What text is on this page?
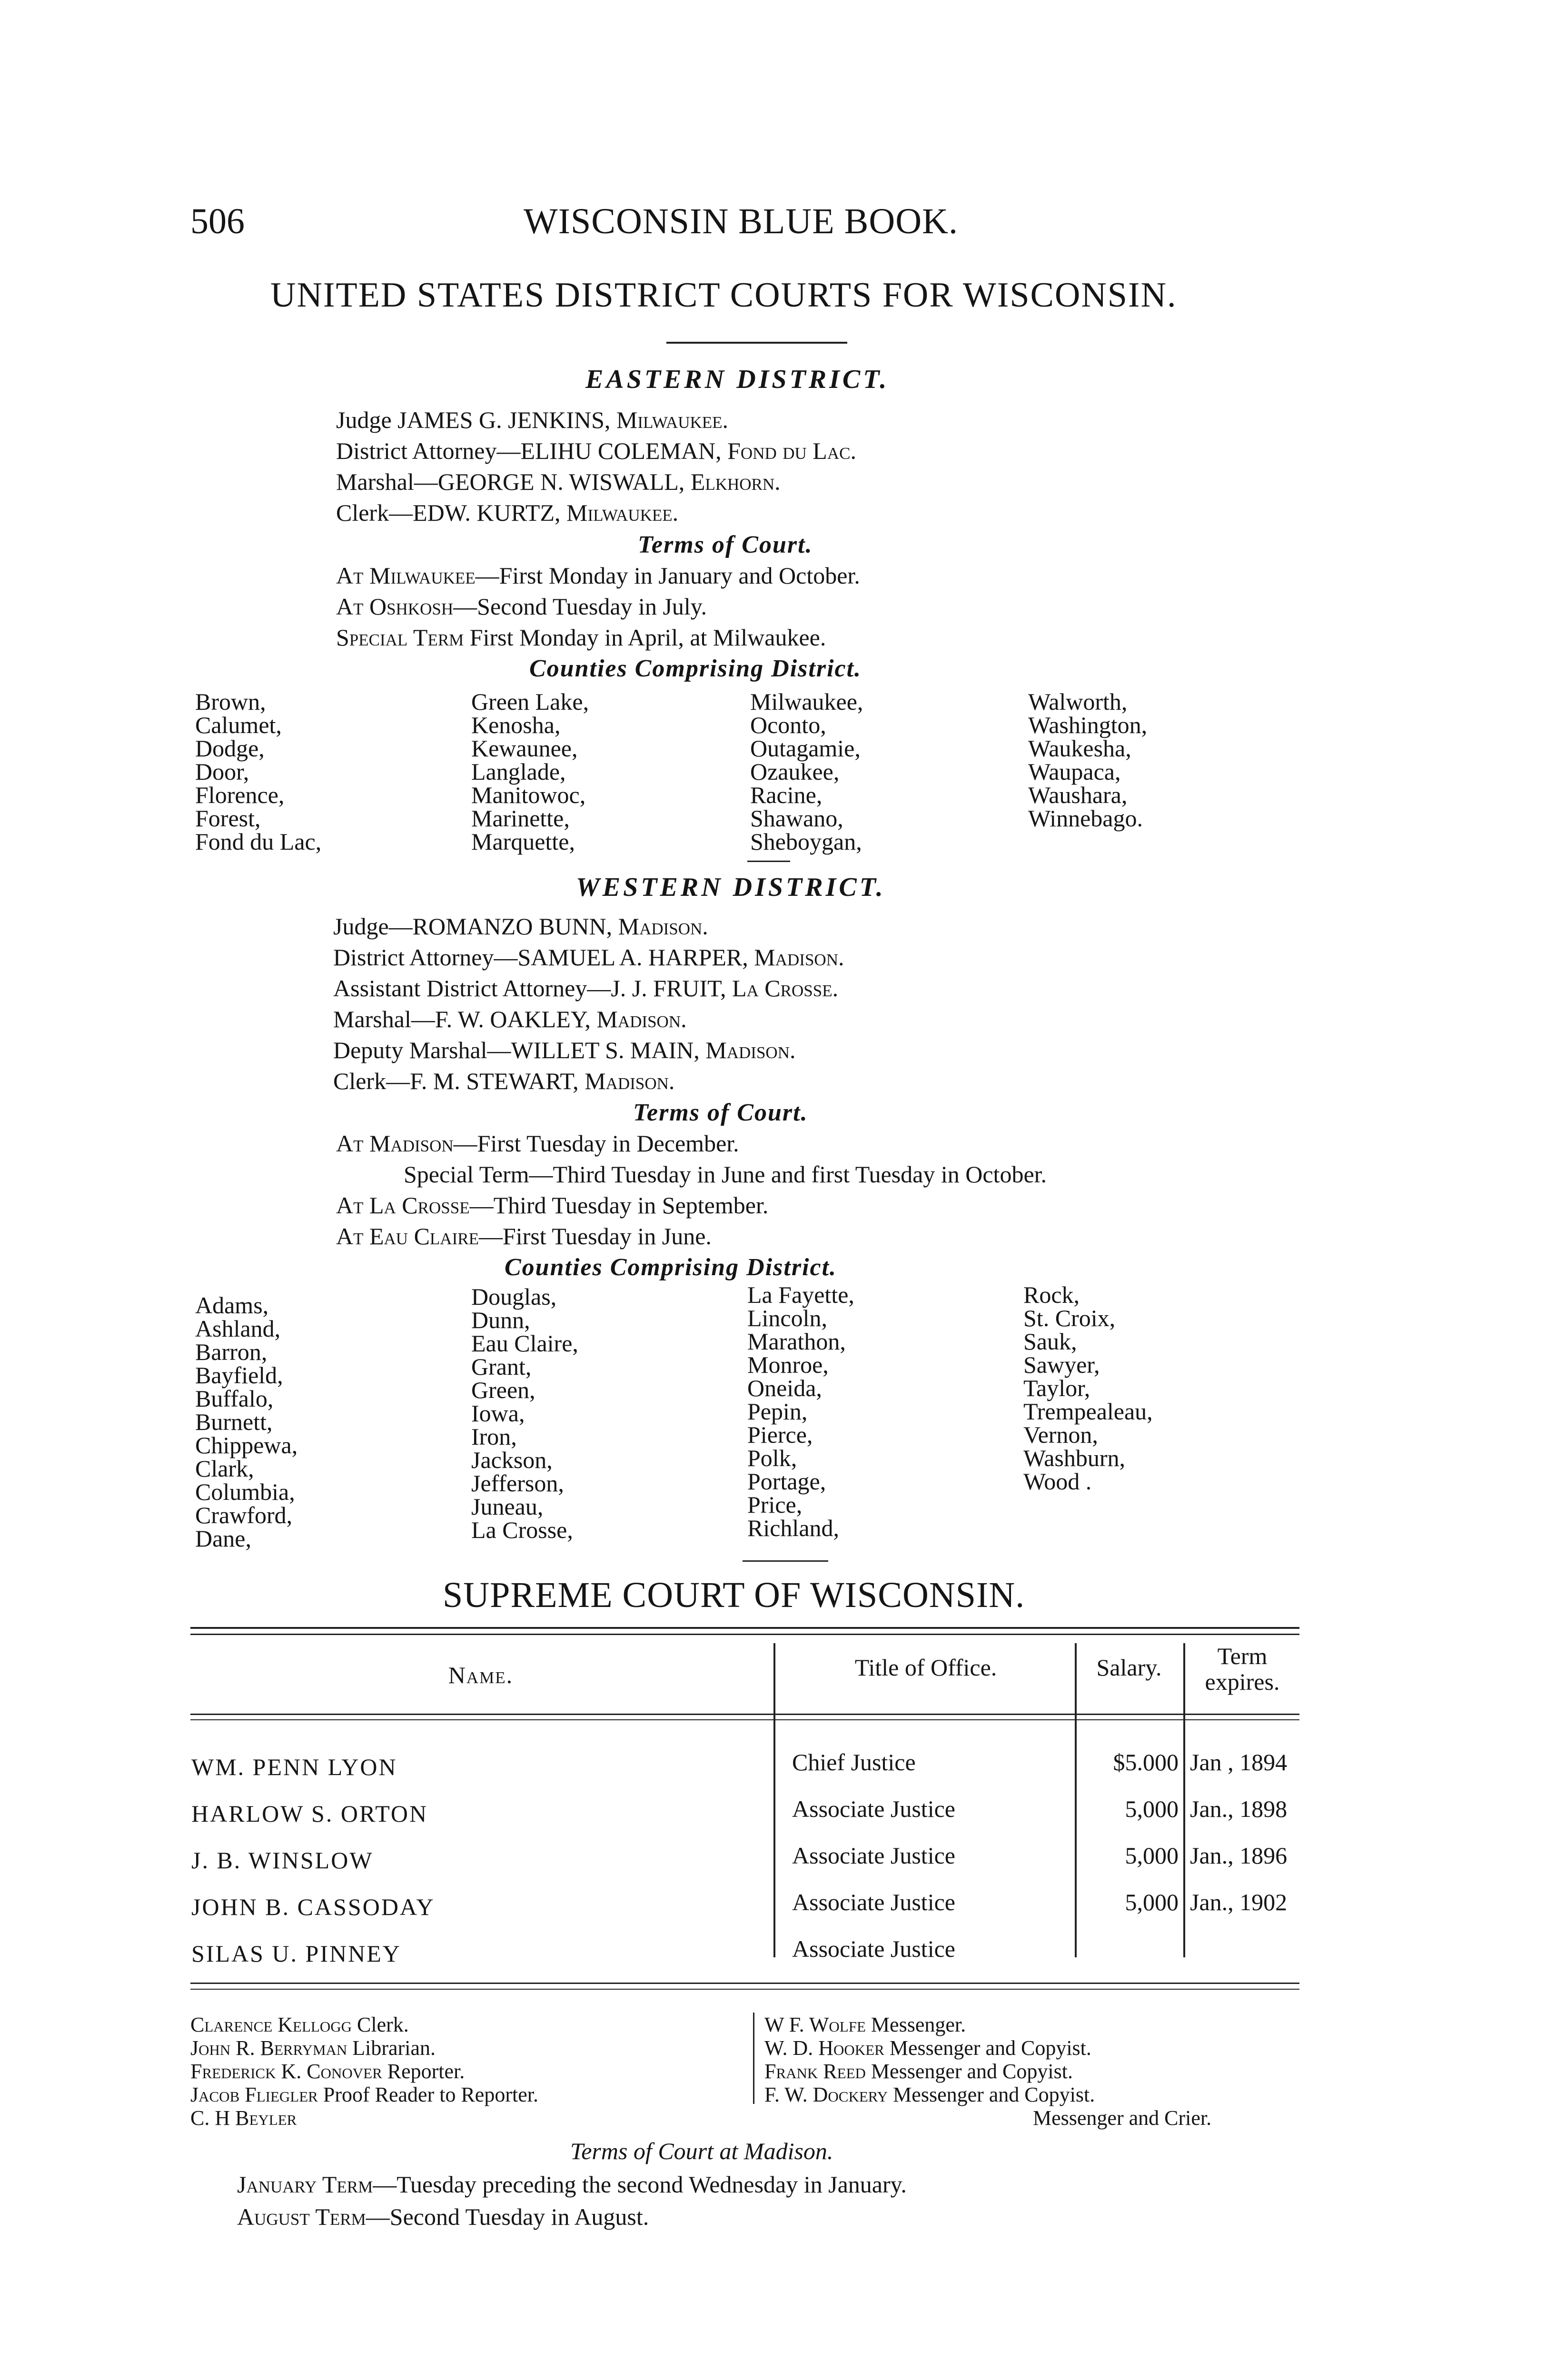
506	WISCONSIN BLUE BOOK.
UNITED STATES DISTRICT COURTS FOR WISCONSIN.
EASTERN DISTRICT.
Judge JAMES G. JENKINS, Milwaukee.
District Attorney—ELIHU COLEMAN, Fond du Lac.
Marshal—GEORGE N. WISWALL, Elkhorn.
Clerk—EDW. KURTZ, Milwaukee.
Terms of Court.
At Milwaukee—First Monday in January and October.
At Oshkosh—Second Tuesday in July.
Special Term First Monday in April, at Milwaukee.
Counties Comprising District.
Brown,
Calumet,
Dodge,
Door,
Florence,
Forest,
Fond du Lac,
Green Lake,
Kenosha,
Kewaunee,
Langlade,
Manitowoc,
Marinette,
Marquette,
Milwaukee,
Oconto,
Outagamie,
Ozaukee,
Racine,
Shawano,
Sheboygan,
Walworth,
Washington,
Waukesha,
Waupaca,
Waushara,
Winnebago.
WESTERN DISTRICT.
Judge—ROMANZO BUNN, Madison.
District Attorney—SAMUEL A. HARPER, Madison.
Assistant District Attorney—J. J. FRUIT, La Crosse.
Marshal—F. W. OAKLEY, Madison.
Deputy Marshal—WILLET S. MAIN, Madison.
Clerk—F. M. STEWART, Madison.
Terms of Court.
At Madison—First Tuesday in December.
Special Term—Third Tuesday in June and first Tuesday in October.
At La Crosse—Third Tuesday in September.
At Eau Claire—First Tuesday in June.
Counties Comprising District.
Adams,
Ashland,
Barron,
Bayfield,
Buffalo,
Burnett,
Chippewa,
Clark,
Columbia,
Crawford,
Dane,
Douglas,
Dunn,
Eau Claire,
Grant,
Green,
Iowa,
Iron,
Jackson,
Jefferson,
Juneau,
La Crosse,
La Fayette,
Lincoln,
Marathon,
Monroe,
Oneida,
Pepin,
Pierce,
Polk,
Portage,
Price,
Richland,
Rock,
St. Croix,
Sauk,
Sawyer,
Taylor,
Trempealeau,
Vernon,
Washburn,
Wood .
SUPREME COURT OF WISCONSIN.
Name.	Title of Office.	Salary.	Term
expires.
WM. PENN LYON	Chief Justice	$5.000 Jan , 1894
HARLOW S. ORTON	Associate Justice	5,000 Jan., 1898
J. B. WINSLOW	Associate Justice	5,000 Jan., 1896
JOHN B. CASSODAY	Associate Justice	5,000 Jan., 1902
SILAS U. PINNEY	Associate Justice
Clarence Kellogg Clerk.
John R. Berryman Librarian.
Frederick K. Conover Reporter.
Jacob Fliegler Proof Reader to Reporter.
C. H Beyler
W F. Wolfe Messenger.
W. D. Hooker Messenger and Copyist.
Frank Reed Messenger and Copyist.
F. W. Dockery Messenger and Copyist.
Messenger and Crier.
Terms of Court at Madison.
January Term—Tuesday preceding the second Wednesday in January.
August Term—Second Tuesday in August.
